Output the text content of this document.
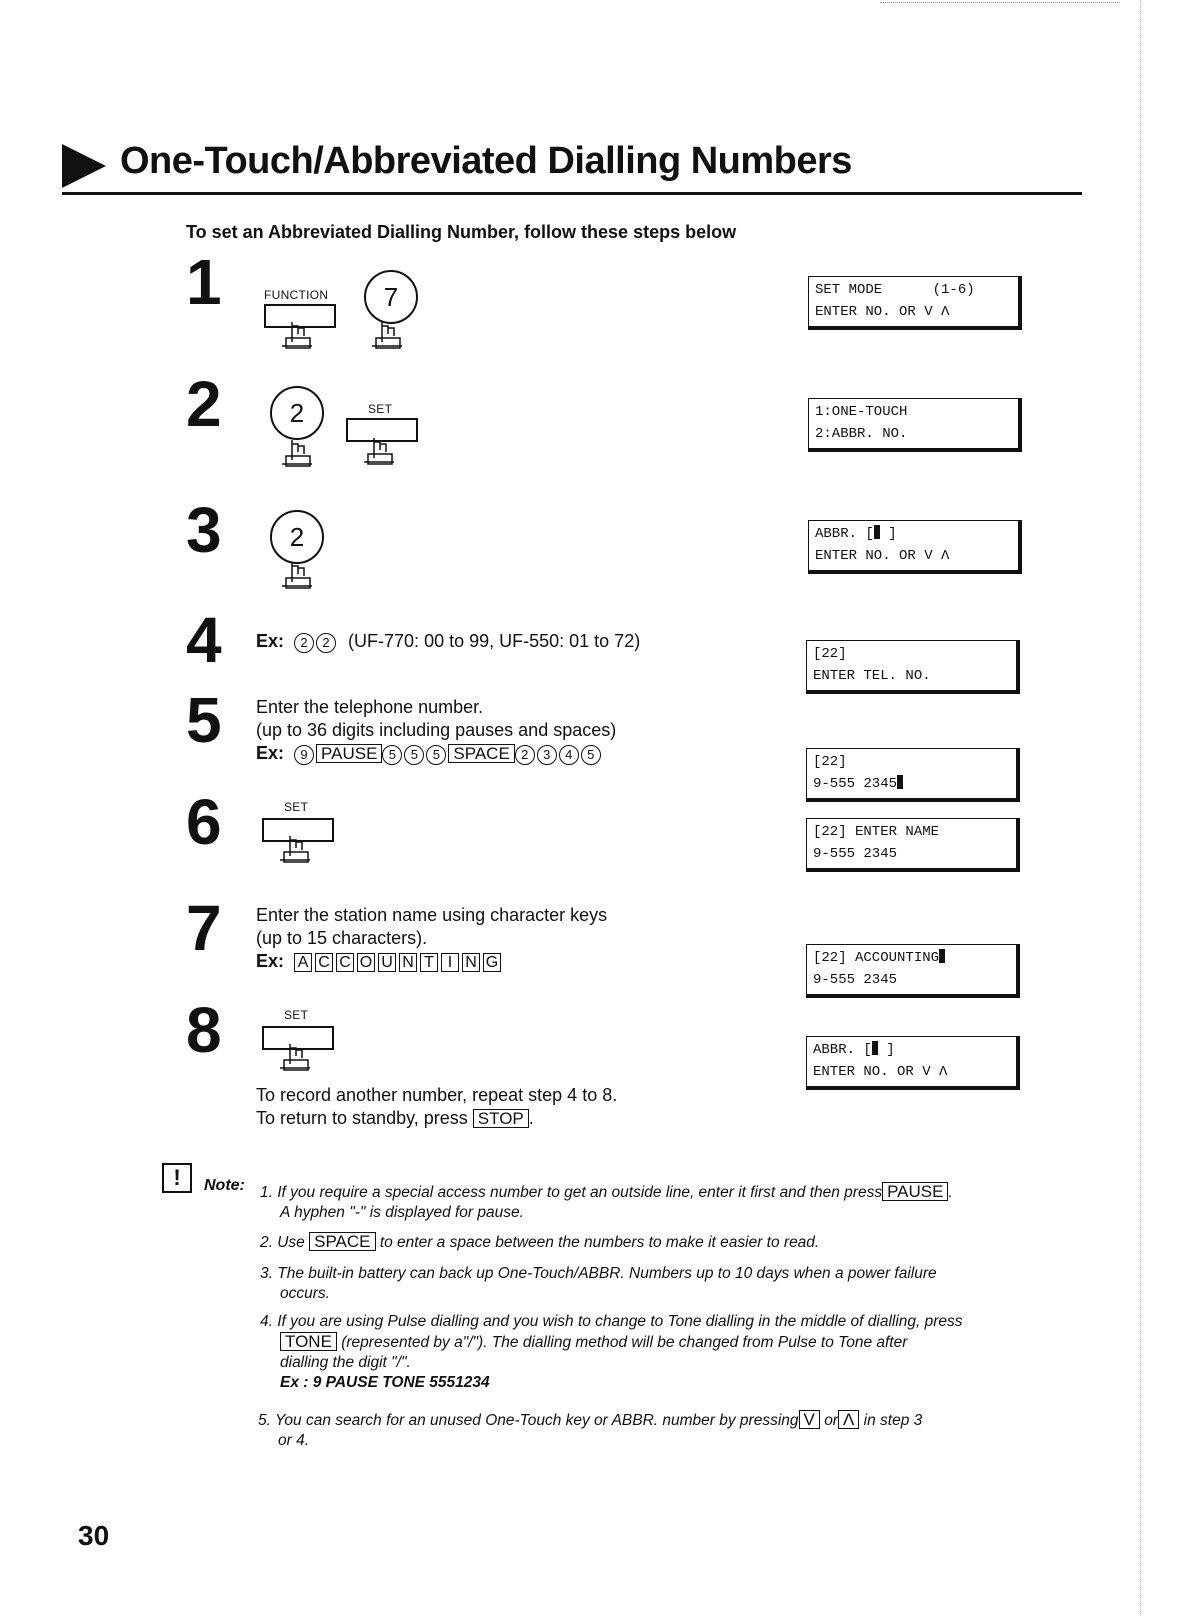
One-Touch/Abbreviated Dialling Numbers
To set an Abbreviated Dialling Number, follow these steps below
1	FUNCTION	7
2	2	SET
3	2
4 Ex: 2 2 (UF-770: 00 to 99, UF-550: 01 to 72)
5 Enter the telephone number.
(up to 36 digits including pauses and spaces)
Ex: 9 PAUSE 5 5 5 SPACE 2 3 4 5
6	SET
7 Enter the station name using character keys
(up to 15 characters).
Ex: A C C O U N T I N G
8	SET
To record another number, repeat step 4 to 8.
To return to standby, press STOP .
SET MODE      (1-6)
ENTER NO. OR V Λ
1:ONE-TOUCH
2:ABBR. NO.
ABBR. [ ]
ENTER NO. OR V Λ
[22]
ENTER TEL. NO.
[22]
9-555 2345
[22] ENTER NAME
9-555 2345
[22] ACCOUNTING
9-555 2345
ABBR. [ ]
ENTER NO. OR V Λ
!	Note: 1. If you require a special access number to get an outside line, enter it first and then press PAUSE .
A hyphen "-" is displayed for pause.
2. Use SPACE to enter a space between the numbers to make it easier to read.
3. The built-in battery can back up One-Touch/ABBR. Numbers up to 10 days when a power failure
occurs.
4. If you are using Pulse dialling and you wish to change to Tone dialling in the middle of dialling, press
TONE (represented by a"/"). The dialling method will be changed from Pulse to Tone after
dialling the digit "/".
Ex : 9 PAUSE TONE 5551234
5. You can search for an unused One-Touch key or ABBR. number by pressing V or Λ in step 3
or 4.
30
